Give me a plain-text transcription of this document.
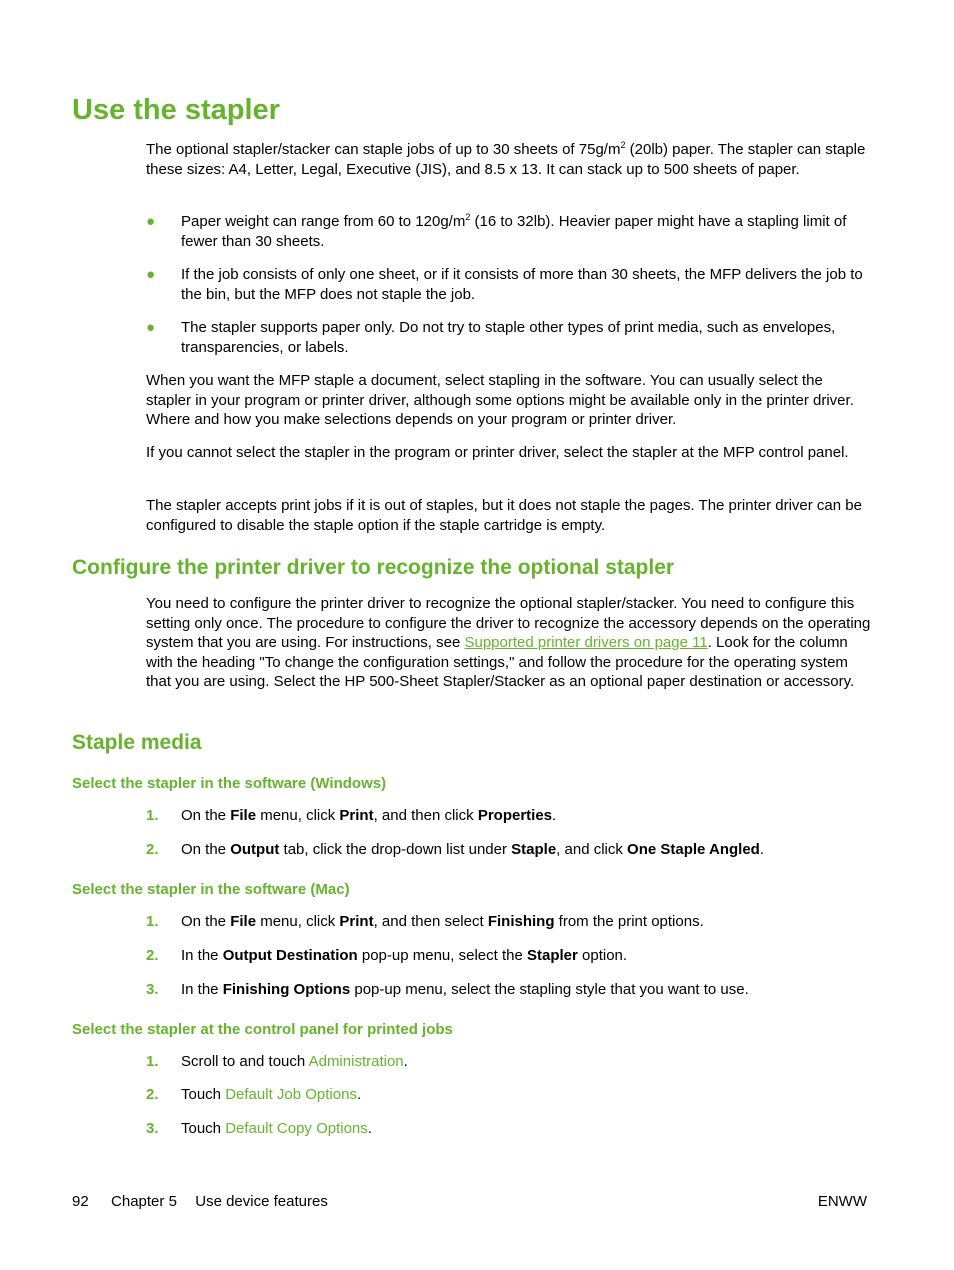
Use the stapler

The optional stapler/stacker can staple jobs of up to 30 sheets of $75g/m^2$ (20lb) paper. The stapler can staple these sizes: A4, Letter, Legal, Executive (JIS), and 8.5 x 13. It can stack up to 500 sheets of paper.

● Paper weight can range from 60 to $120g/m^2$ (16 to 32lb). Heavier paper might have a stapling limit of fewer than 30 sheets.
● If the job consists of only one sheet, or if it consists of more than 30 sheets, the MFP delivers the job to the bin, but the MFP does not staple the job.
● The stapler supports paper only. Do not try to staple other types of print media, such as envelopes, transparencies, or labels.

When you want the MFP staple a document, select stapling in the software. You can usually select the stapler in your program or printer driver, although some options might be available only in the printer driver. Where and how you make selections depends on your program or printer driver.

If you cannot select the stapler in the program or printer driver, select the stapler at the MFP control panel.

The stapler accepts print jobs if it is out of staples, but it does not staple the pages. The printer driver can be configured to disable the staple option if the staple cartridge is empty.

Configure the printer driver to recognize the optional stapler

You need to configure the printer driver to recognize the optional stapler/stacker. You need to configure this setting only once. The procedure to configure the driver to recognize the accessory depends on the operating system that you are using. For instructions, see Supported printer drivers on page 11. Look for the column with the heading "To change the configuration settings," and follow the procedure for the operating system that you are using. Select the HP 500-Sheet Stapler/Stacker as an optional paper destination or accessory.

Staple media
Select the stapler in the software (Windows)
1. On the File menu, click Print, and then click Properties.
2. On the Output tab, click the drop-down list under Staple, and click One Staple Angled.
Select the stapler in the software (Mac)
1. On the File menu, click Print, and then select Finishing from the print options.
2. In the Output Destination pop-up menu, select the Stapler option.
3. In the Finishing Options pop-up menu, select the stapling style that you want to use.
Select the stapler at the control panel for printed jobs
1. Scroll to and touch Administration.
2. Touch Default Job Options.
3. Touch Default Copy Options.
92 Chapter 5 Use device features	ENWW
